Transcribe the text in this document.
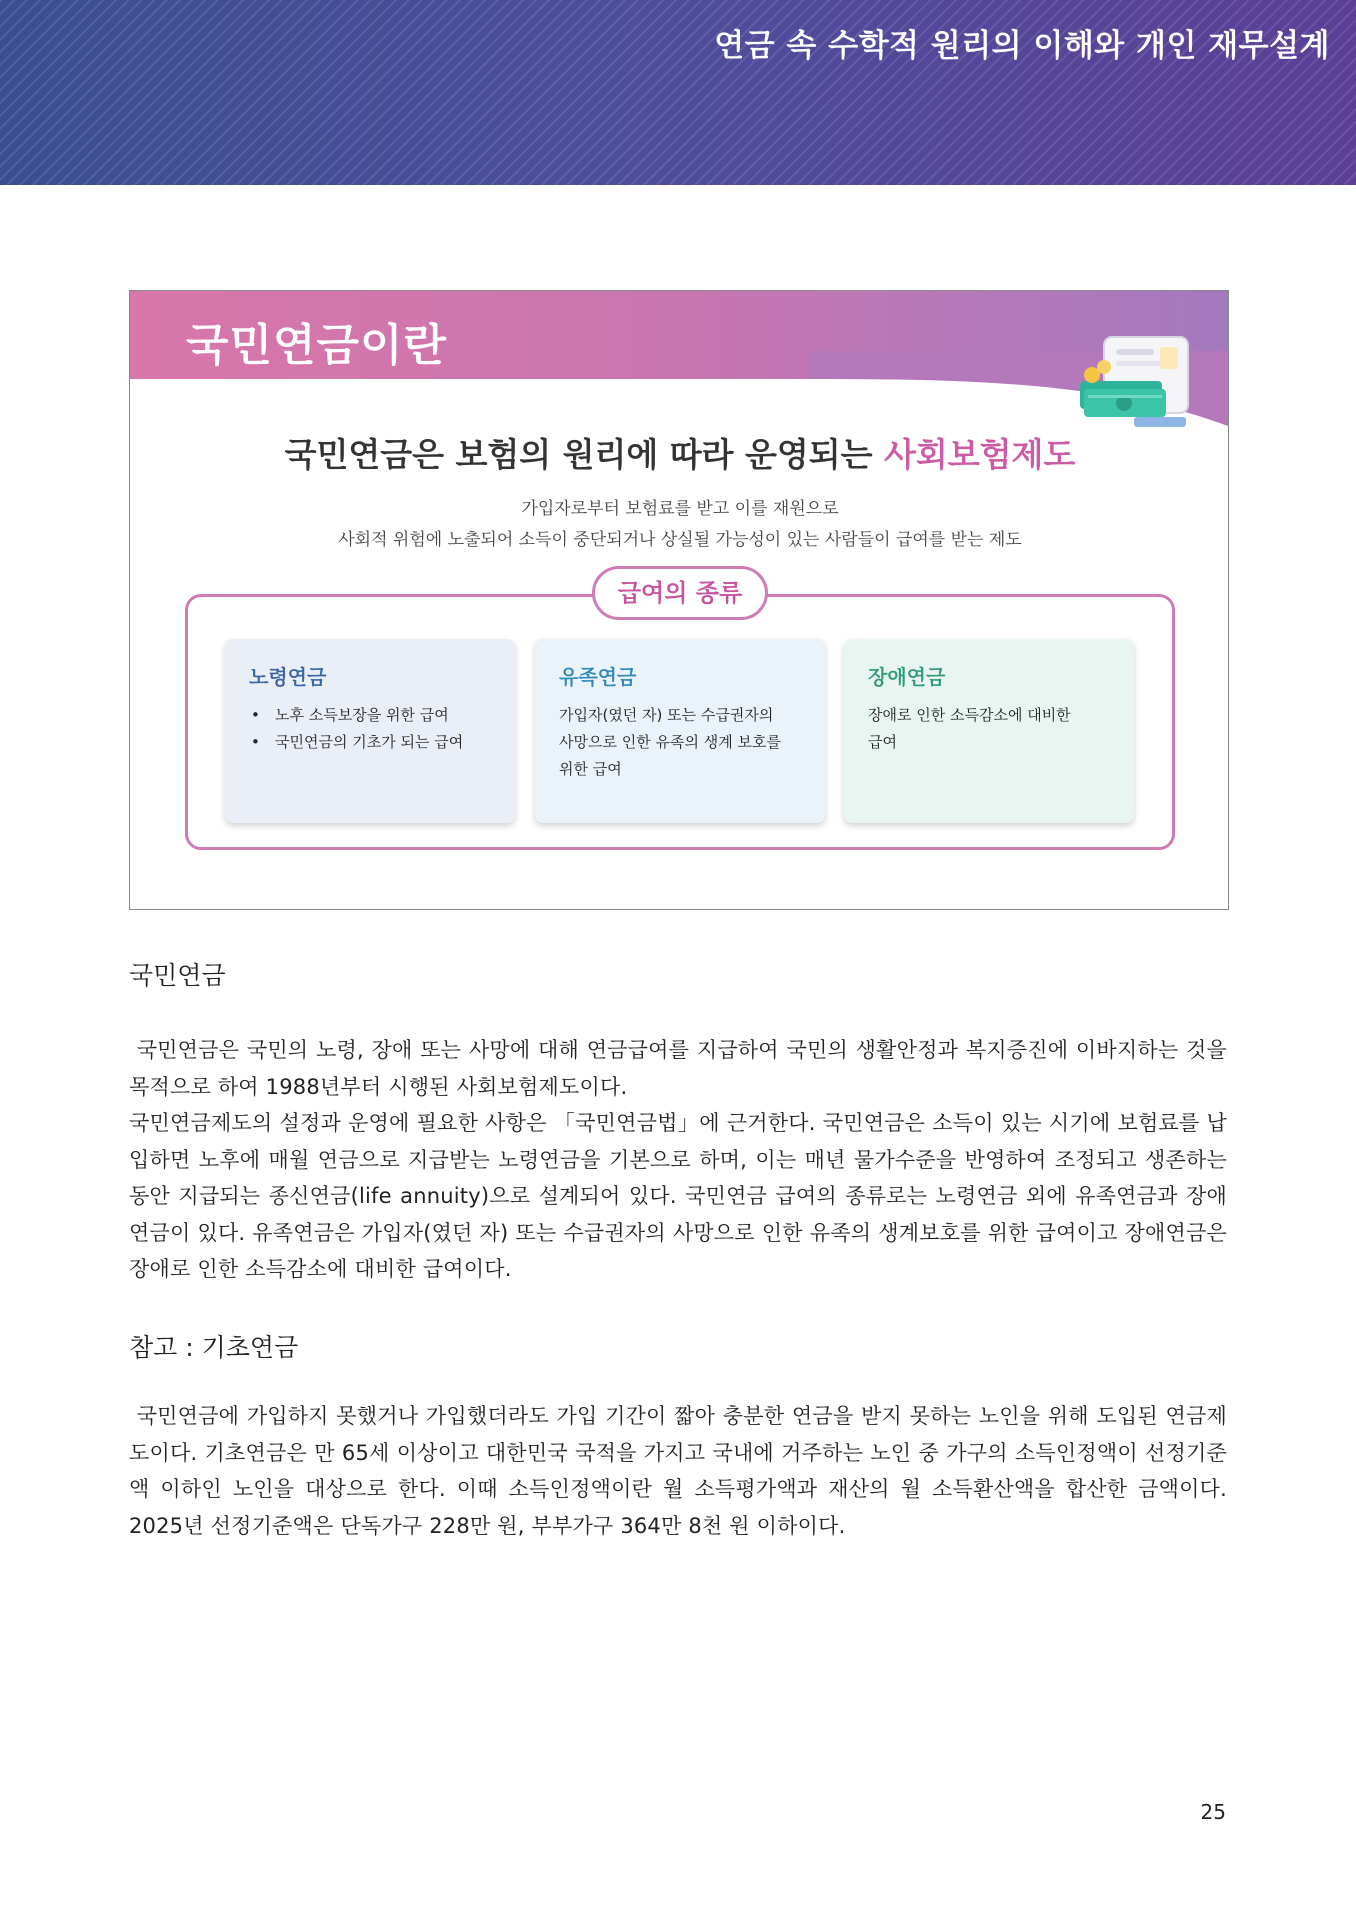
연금 속 수학적 원리의 이해와 개인 재무설계
국민연금이란
국민연금은 보험의 원리에 따라 운영되는 사회보험제도
가입자로부터 보험료를 받고 이를 재원으로
사회적 위험에 노출되어 소득이 중단되거나 상실될 가능성이 있는 사람들이 급여를 받는 제도
급여의 종류
노령연금
• 노후 소득보장을 위한 급여
• 국민연금의 기초가 되는 급여
유족연금

가입자(였던 자) 또는 수급권자의

사망으로 인한 유족의 생계 보호를

위한 급여

장애연금

장애로 인한 소득감소에 대비한

급여

국민연금
국민연금은 국민의 노령, 장애 또는 사망에 대해 연금급여를 지급하여 국민의 생활안정과 복지증진에 이바지하는 것을 목적으로 하여 1988년부터 시행된 사회보험제도이다.
국민연금제도의 설정과 운영에 필요한 사항은 「국민연금법」에 근거한다. 국민연금은 소득이 있는 시기에 보험료를 납입하면 노후에 매월 연금으로 지급받는 노령연금을 기본으로 하며, 이는 매년 물가수준을 반영하여 조정되고 생존하는 동안 지급되는 종신연금(life annuity)으로 설계되어 있다. 국민연금 급여의 종류로는 노령연금 외에 유족연금과 장애연금이 있다. 유족연금은 가입자(였던 자) 또는 수급권자의 사망으로 인한 유족의 생계보호를 위한 급여이고 장애연금은 장애로 인한 소득감소에 대비한 급여이다.
참고 : 기초연금
국민연금에 가입하지 못했거나 가입했더라도 가입 기간이 짧아 충분한 연금을 받지 못하는 노인을 위해 도입된 연금제도이다. 기초연금은 만 65세 이상이고 대한민국 국적을 가지고 국내에 거주하는 노인 중 가구의 소득인정액이 선정기준액 이하인 노인을 대상으로 한다. 이때 소득인정액이란 월 소득평가액과 재산의 월 소득환산액을 합산한 금액이다. 2025년 선정기준액은 단독가구 228만 원, 부부가구 364만 8천 원 이하이다.
25
